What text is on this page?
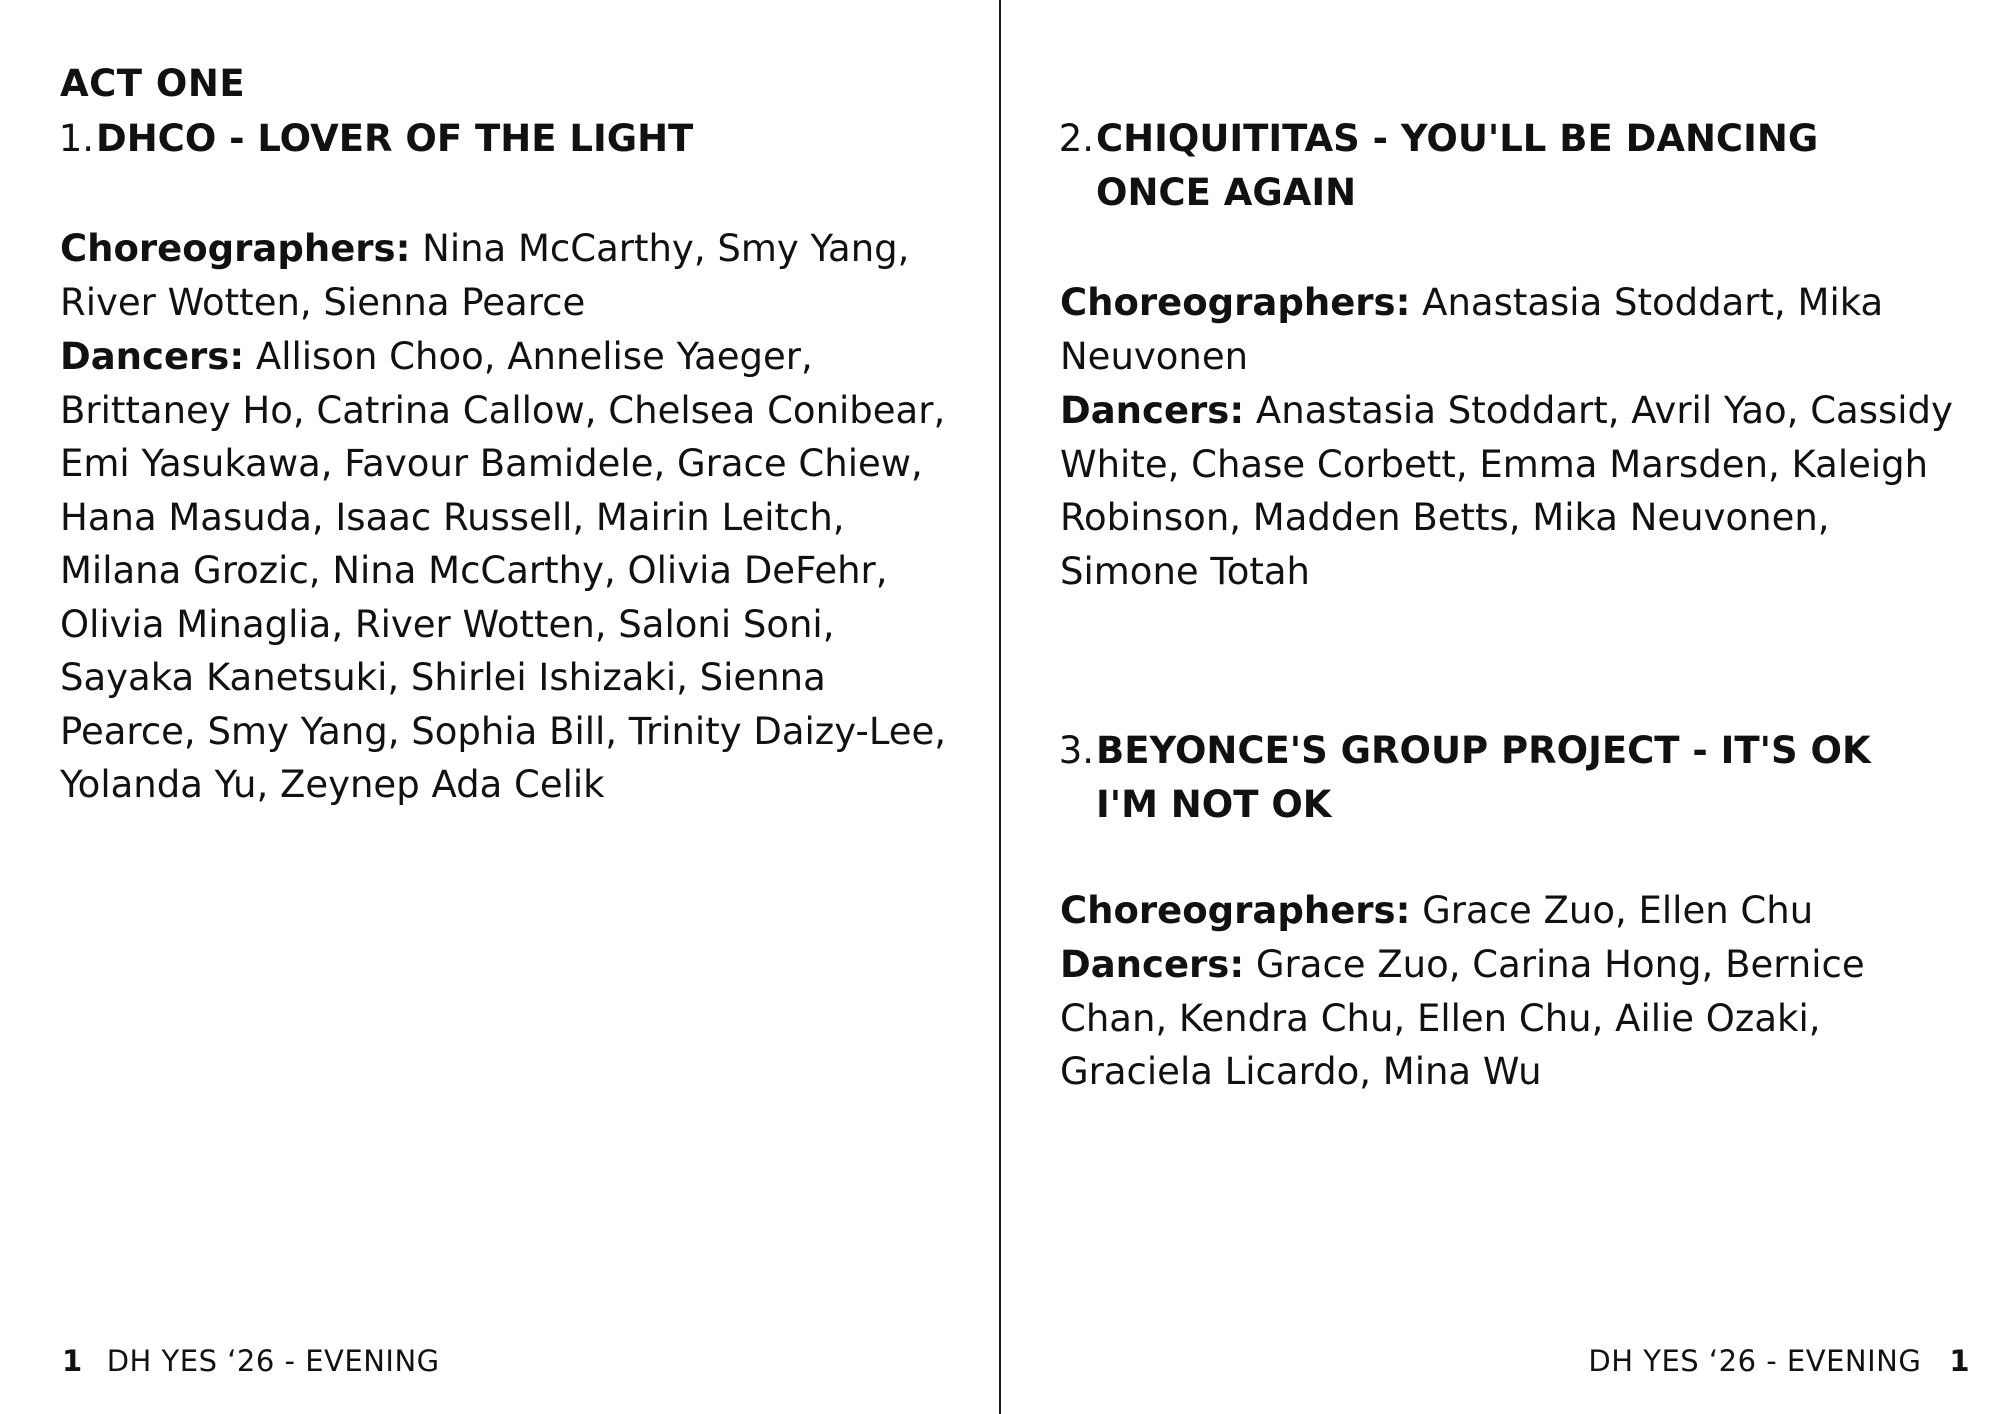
ACT ONE
1. DHCO - LOVER OF THE LIGHT

Choreographers: Nina McCarthy, Smy Yang, River Wotten, Sienna Pearce

Dancers: Allison Choo, Annelise Yaeger, Brittaney Ho, Catrina Callow, Chelsea Conibear, Emi Yasukawa, Favour Bamidele, Grace Chiew, Hana Masuda, Isaac Russell, Mairin Leitch, Milana Grozic, Nina McCarthy, Olivia DeFehr, Olivia Minaglia, River Wotten, Saloni Soni, Sayaka Kanetsuki, Shirlei Ishizaki, Sienna Pearce, Smy Yang, Sophia Bill, Trinity Daizy-Lee, Yolanda Yu, Zeynep Ada Celik

1 DH YES ‘26 - EVENING
2. CHIQUITITAS - YOU'LL BE DANCING ONCE AGAIN

Choreographers: Anastasia Stoddart, Mika Neuvonen

Dancers: Anastasia Stoddart, Avril Yao, Cassidy White, Chase Corbett, Emma Marsden, Kaleigh Robinson, Madden Betts, Mika Neuvonen, Simone Totah

3. BEYONCE'S GROUP PROJECT - IT'S OK I'M NOT OK

Choreographers: Grace Zuo, Ellen Chu

Dancers: Grace Zuo, Carina Hong, Bernice Chan, Kendra Chu, Ellen Chu, Ailie Ozaki, Graciela Licardo, Mina Wu

DH YES ‘26 - EVENING 1
